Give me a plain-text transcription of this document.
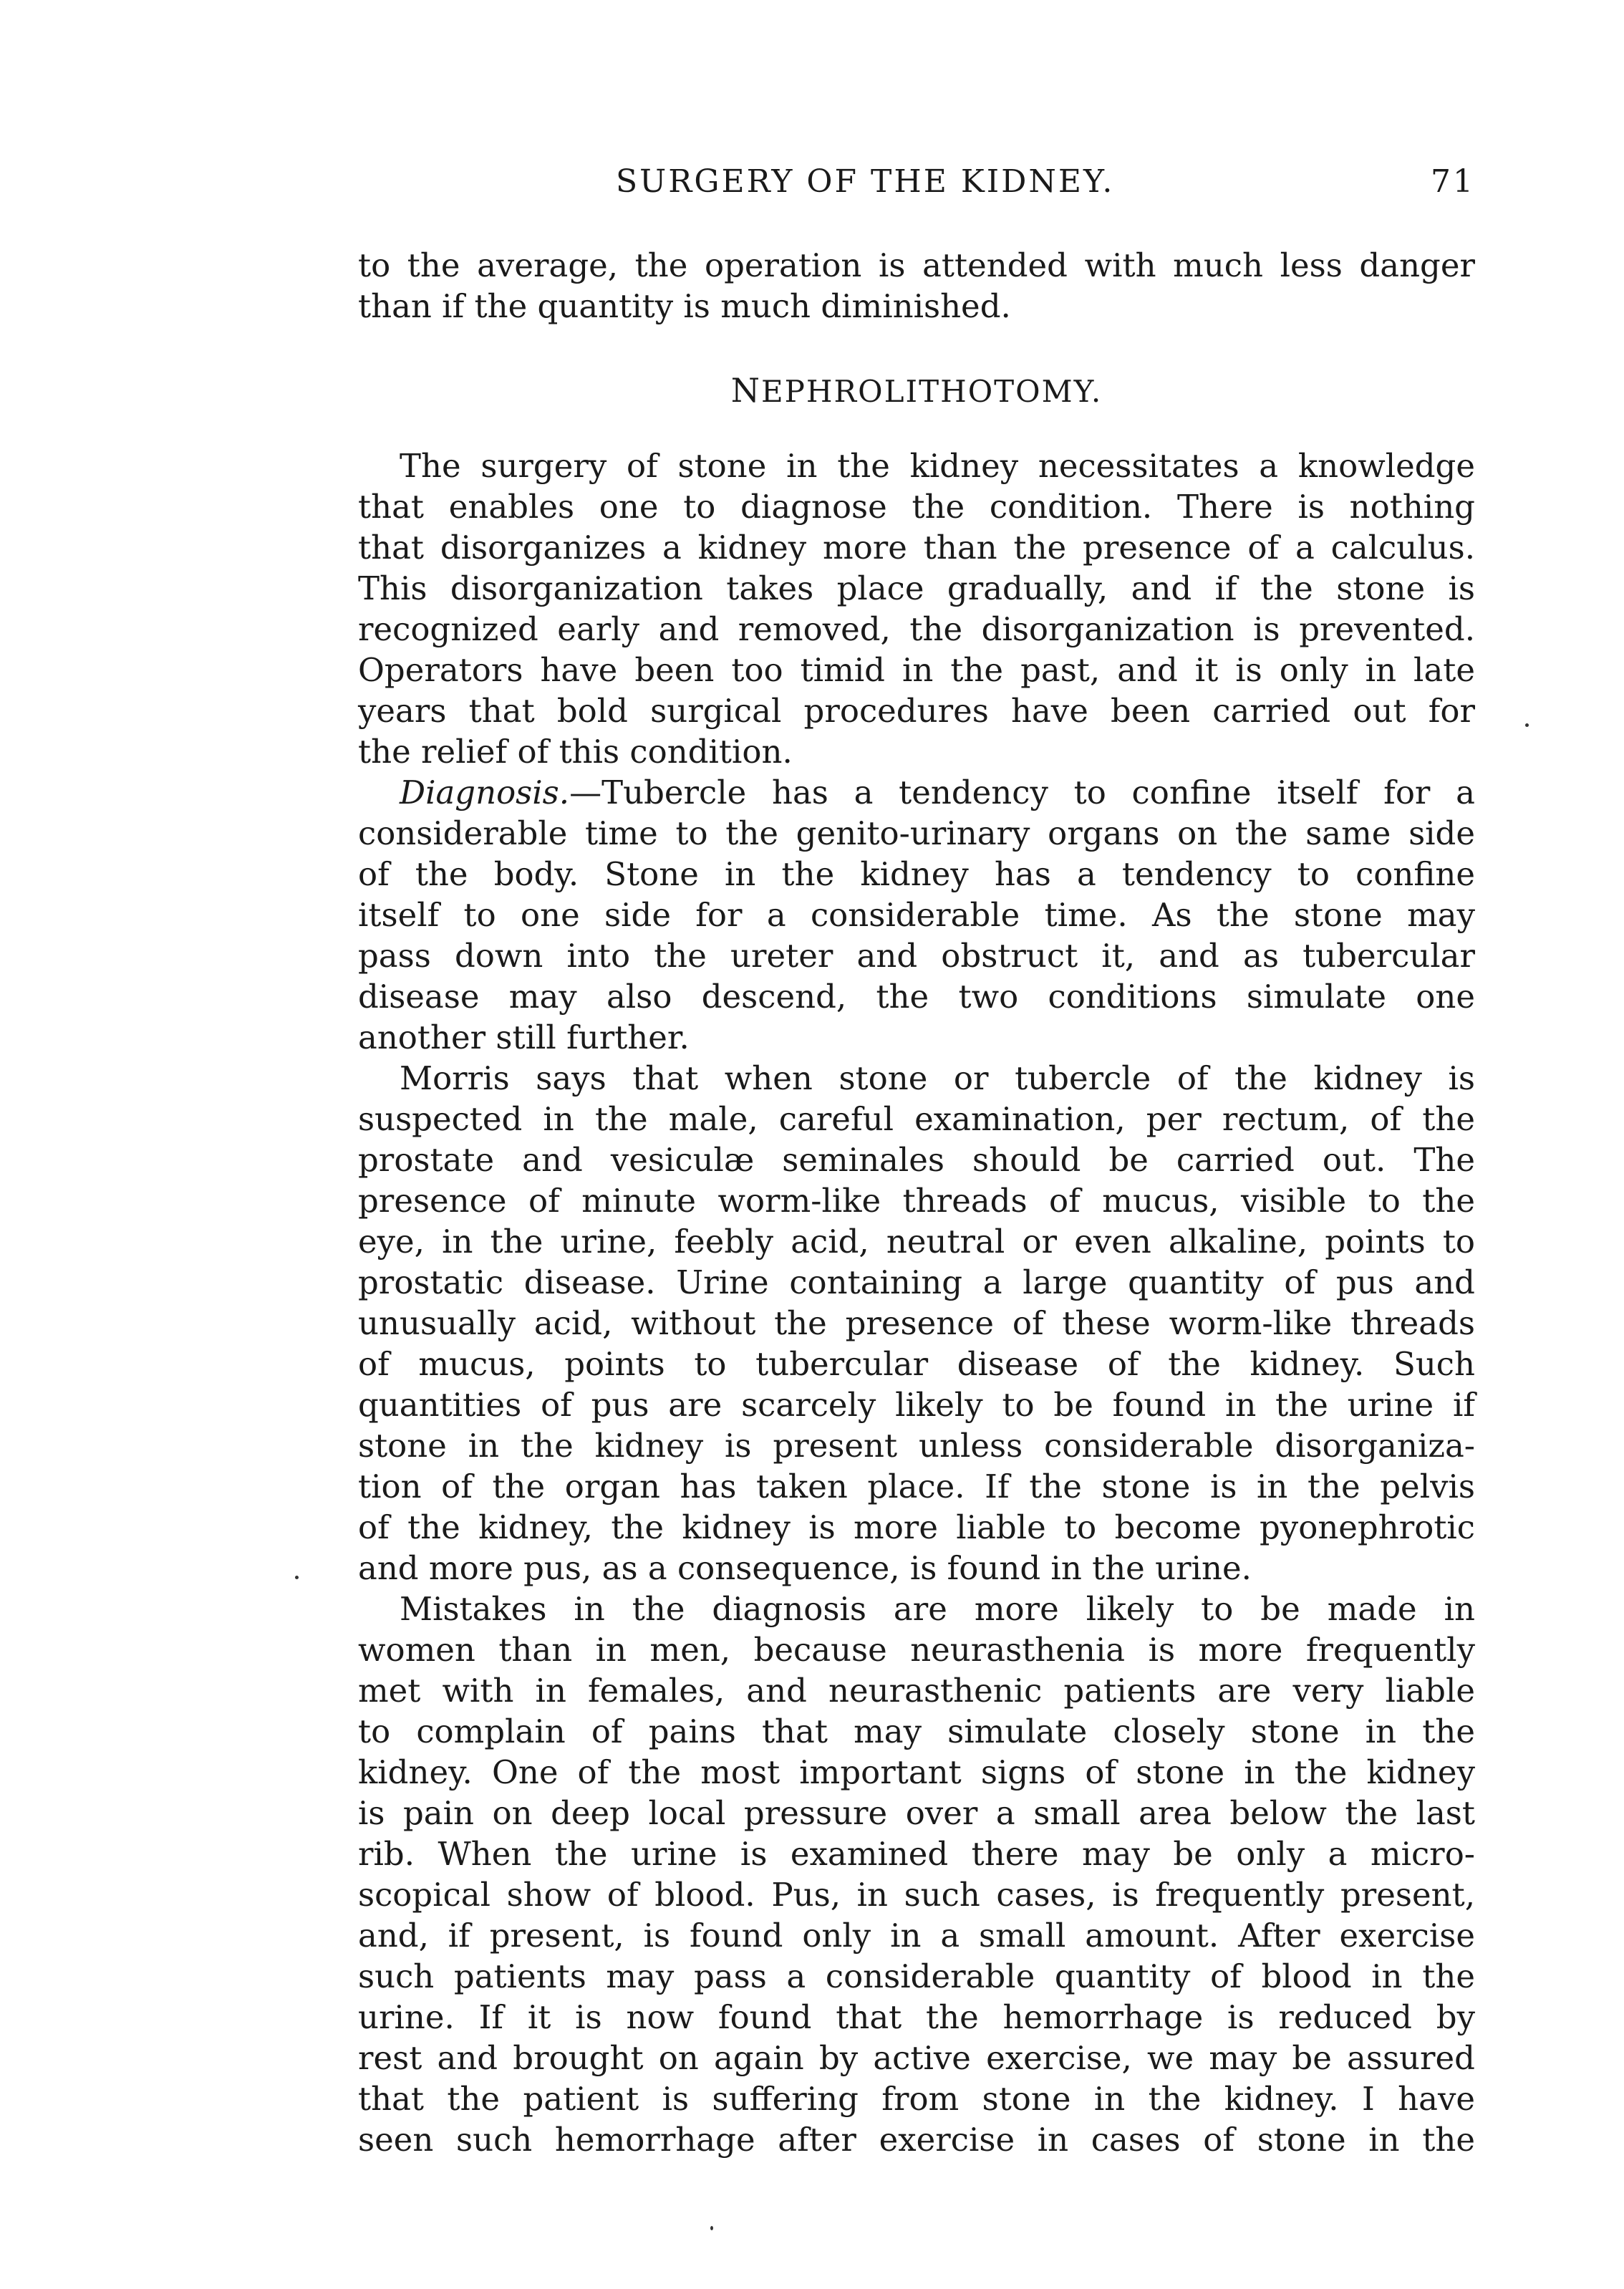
SURGERY OF THE KIDNEY.	71
to the average, the operation is attended with much less danger
than if the quantity is much diminished.
NEPHROLITHOTOMY.
The surgery of stone in the kidney necessitates a knowledge
that enables one to diagnose the condition. There is nothing
that disorganizes a kidney more than the presence of a calculus.
This disorganization takes place gradually, and if the stone is
recognized early and removed, the disorganization is prevented.
Operators have been too timid in the past, and it is only in late
years that bold surgical procedures have been carried out for
the relief of this condition.
Diagnosis.—Tubercle has a tendency to confine itself for a
considerable time to the genito-urinary organs on the same side
of the body. Stone in the kidney has a tendency to confine
itself to one side for a considerable time. As the stone may
pass down into the ureter and obstruct it, and as tubercular
disease may also descend, the two conditions simulate one
another still further.
Morris says that when stone or tubercle of the kidney is
suspected in the male, careful examination, per rectum, of the
prostate and vesiculæ seminales should be carried out. The
presence of minute worm-like threads of mucus, visible to the
eye, in the urine, feebly acid, neutral or even alkaline, points to
prostatic disease. Urine containing a large quantity of pus and
unusually acid, without the presence of these worm-like threads
of mucus, points to tubercular disease of the kidney. Such
quantities of pus are scarcely likely to be found in the urine if
stone in the kidney is present unless considerable disorganiza-
tion of the organ has taken place. If the stone is in the pelvis
of the kidney, the kidney is more liable to become pyonephrotic
and more pus, as a consequence, is found in the urine.
Mistakes in the diagnosis are more likely to be made in
women than in men, because neurasthenia is more frequently
met with in females, and neurasthenic patients are very liable
to complain of pains that may simulate closely stone in the
kidney. One of the most important signs of stone in the kidney
is pain on deep local pressure over a small area below the last
rib. When the urine is examined there may be only a micro-
scopical show of blood. Pus, in such cases, is frequently present,
and, if present, is found only in a small amount. After exercise
such patients may pass a considerable quantity of blood in the
urine. If it is now found that the hemorrhage is reduced by
rest and brought on again by active exercise, we may be assured
that the patient is suffering from stone in the kidney. I have
seen such hemorrhage after exercise in cases of stone in the
